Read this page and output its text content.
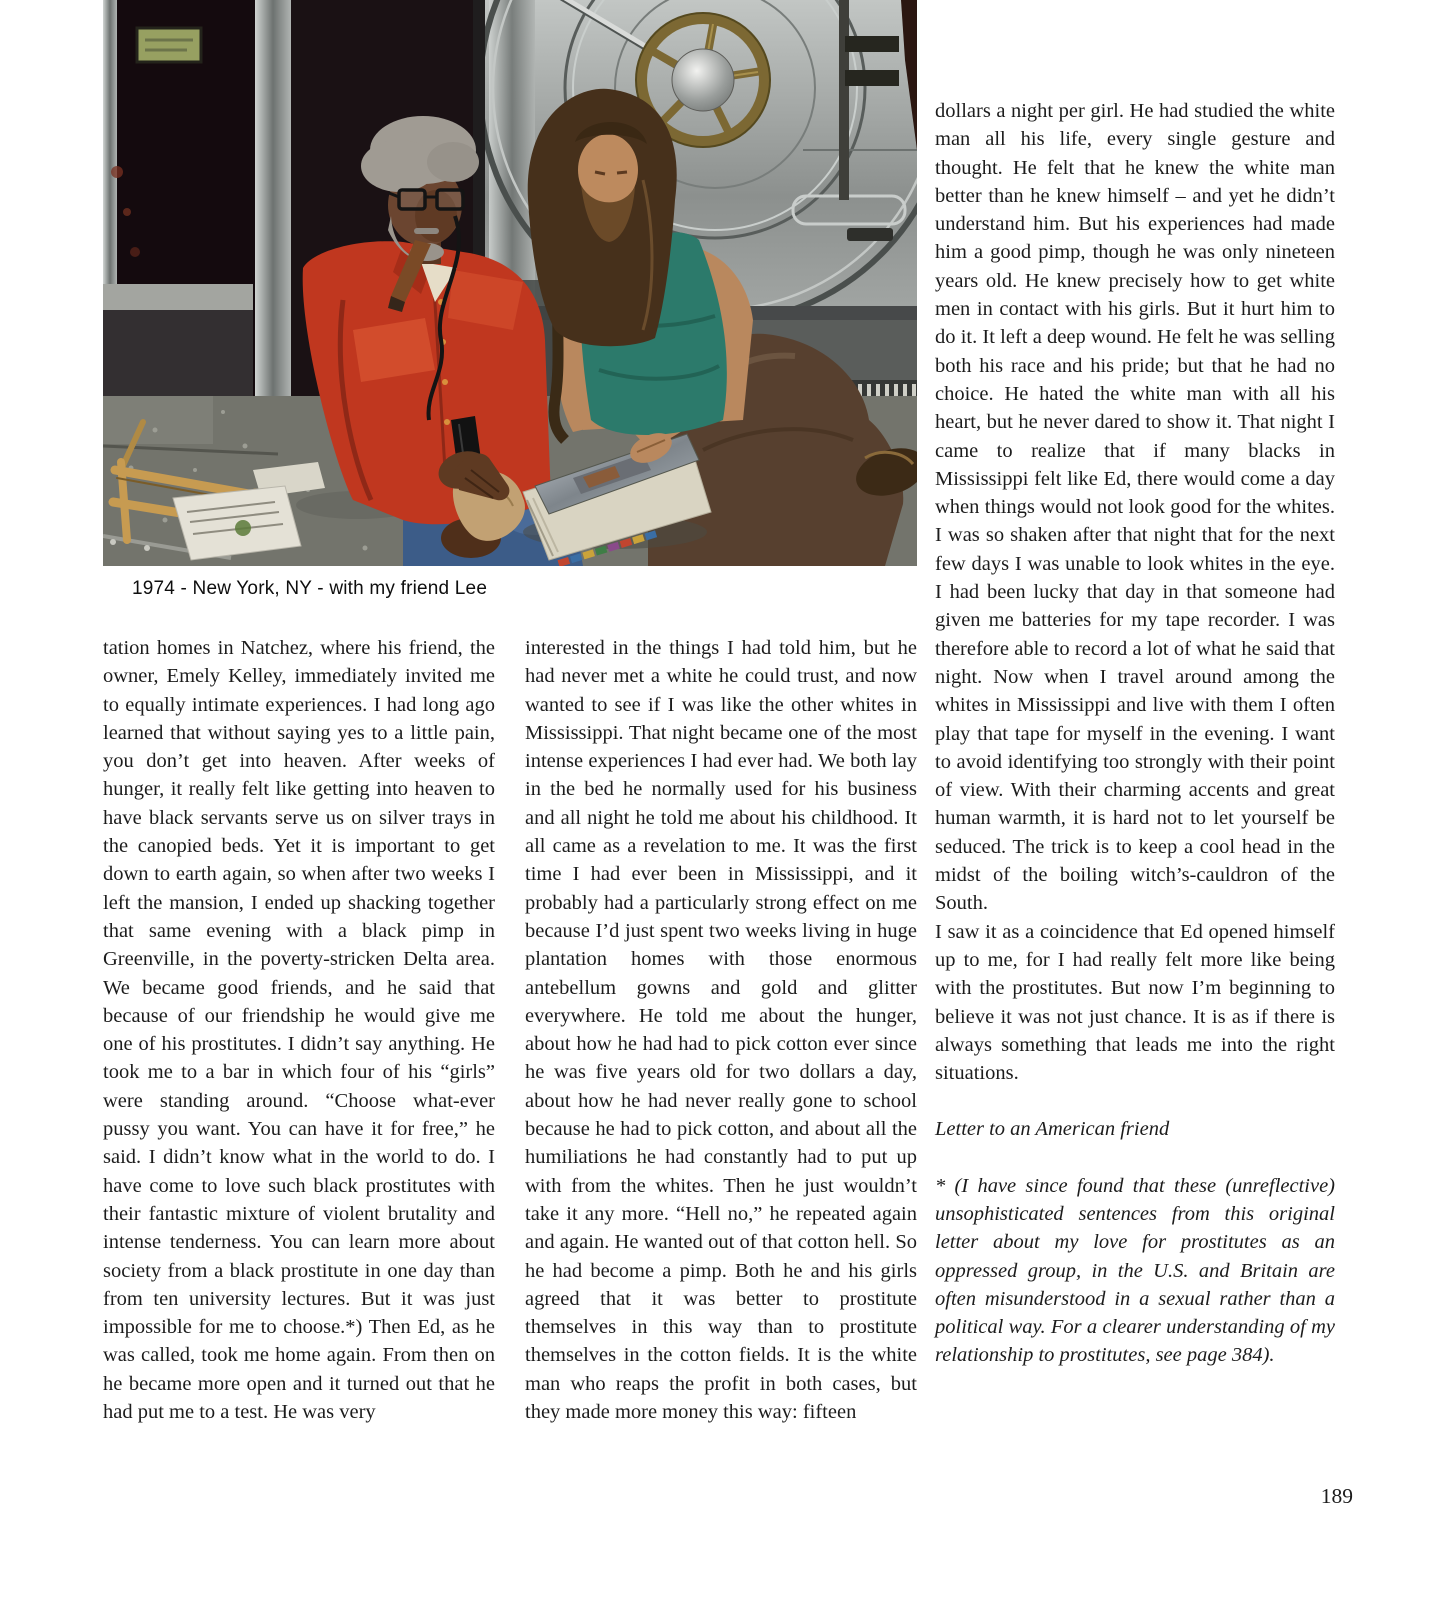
1974 - New York, NY - with my friend Lee

tation homes in Natchez, where his friend, the owner, Emely Kelley, immediately invited me to equally intimate experiences. I had long ago learned that without saying yes to a little pain, you don’t get into heaven. After weeks of hunger, it really felt like getting into heaven to have black servants serve us on silver trays in the canopied beds. Yet it is important to get down to earth again, so when after two weeks I left the mansion, I ended up shacking together that same evening with a black pimp in Greenville, in the poverty-stricken Delta area. We became good friends, and he said that because of our friendship he would give me one of his prostitutes. I didn’t say anything. He took me to a bar in which four of his “girls” were standing around. “Choose what-ever pussy you want. You can have it for free,” he said. I didn’t know what in the world to do. I have come to love such black prostitutes with their fantastic mixture of violent brutality and intense tenderness. You can learn more about society from a black prostitute in one day than from ten university lectures. But it was just impossible for me to choose.*) Then Ed, as he was called, took me home again. From then on he became more open and it turned out that he had put me to a test. He was very

interested in the things I had told him, but he had never met a white he could trust, and now wanted to see if I was like the other whites in Mississippi. That night became one of the most intense experiences I had ever had. We both lay in the bed he normally used for his business and all night he told me about his childhood. It all came as a revelation to me. It was the first time I had ever been in Mississippi, and it probably had a particularly strong effect on me because I’d just spent two weeks living in huge plantation homes with those enormous antebellum gowns and gold and glitter everywhere. He told me about the hunger, about how he had had to pick cotton ever since he was five years old for two dollars a day, about how he had never really gone to school because he had to pick cotton, and about all the humiliations he had constantly had to put up with from the whites. Then he just wouldn’t take it any more. “Hell no,” he repeated again and again. He wanted out of that cotton hell. So he had become a pimp. Both he and his girls agreed that it was better to prostitute themselves in this way than to prostitute themselves in the cotton fields. It is the white man who reaps the profit in both cases, but they made more money this way: fifteen

dollars a night per girl. He had studied the white man all his life, every single gesture and thought. He felt that he knew the white man better than he knew himself – and yet he didn’t understand him. But his experiences had made him a good pimp, though he was only nineteen years old. He knew precisely how to get white men in contact with his girls. But it hurt him to do it. It left a deep wound. He felt he was selling both his race and his pride; but that he had no choice. He hated the white man with all his heart, but he never dared to show it. That night I came to realize that if many blacks in Mississippi felt like Ed, there would come a day when things would not look good for the whites. I was so shaken after that night that for the next few days I was unable to look whites in the eye. I had been lucky that day in that someone had given me batteries for my tape recorder. I was therefore able to record a lot of what he said that night. Now when I travel around among the whites in Mississippi and live with them I often play that tape for myself in the evening. I want to avoid identifying too strongly with their point of view. With their charming accents and great human warmth, it is hard not to let yourself be seduced. The trick is to keep a cool head in the midst of the boiling witch’s-cauldron of the South.

I saw it as a coincidence that Ed opened himself up to me, for I had really felt more like being with the prostitutes. But now I’m beginning to believe it was not just chance. It is as if there is always something that leads me into the right situations.

Letter to an American friend

* (I have since found that these (unreflective) unsophisticated sentences from this original letter about my love for prostitutes as an oppressed group, in the U.S. and Britain are often misunderstood in a sexual rather than a political way. For a clearer understanding of my relationship to prostitutes, see page 384).

189
